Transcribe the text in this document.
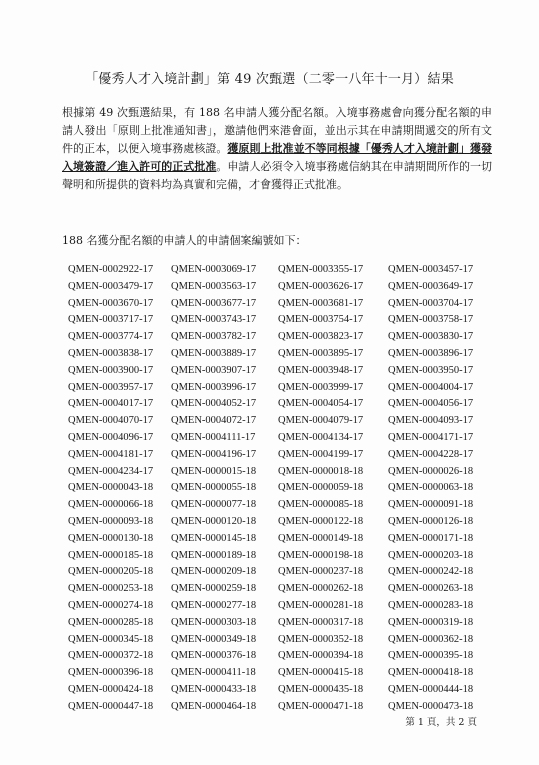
「優秀人才入境計劃」第 49 次甄選（二零一八年十一月）結果
根據第 49 次甄選結果，有 188 名申請人獲分配名額。入境事務處會向獲分配名額的申請人發出「原則上批准通知書」，邀請他們來港會面，並出示其在申請期間遞交的所有文件的正本，以便入境事務處核證。獲原則上批准並不等同根據「優秀人才入境計劃」獲發入境簽證／進入許可的正式批准。申請人必須令入境事務處信納其在申請期間所作的一切聲明和所提供的資料均為真實和完備，才會獲得正式批准。
188 名獲分配名額的申請人的申請個案編號如下：
QMEN-0002922-17	QMEN-0003069-17	QMEN-0003355-17	QMEN-0003457-17
QMEN-0003479-17	QMEN-0003563-17	QMEN-0003626-17	QMEN-0003649-17
QMEN-0003670-17	QMEN-0003677-17	QMEN-0003681-17	QMEN-0003704-17
QMEN-0003717-17	QMEN-0003743-17	QMEN-0003754-17	QMEN-0003758-17
QMEN-0003774-17	QMEN-0003782-17	QMEN-0003823-17	QMEN-0003830-17
QMEN-0003838-17	QMEN-0003889-17	QMEN-0003895-17	QMEN-0003896-17
QMEN-0003900-17	QMEN-0003907-17	QMEN-0003948-17	QMEN-0003950-17
QMEN-0003957-17	QMEN-0003996-17	QMEN-0003999-17	QMEN-0004004-17
QMEN-0004017-17	QMEN-0004052-17	QMEN-0004054-17	QMEN-0004056-17
QMEN-0004070-17	QMEN-0004072-17	QMEN-0004079-17	QMEN-0004093-17
QMEN-0004096-17	QMEN-0004111-17	QMEN-0004134-17	QMEN-0004171-17
QMEN-0004181-17	QMEN-0004196-17	QMEN-0004199-17	QMEN-0004228-17
QMEN-0004234-17	QMEN-0000015-18	QMEN-0000018-18	QMEN-0000026-18
QMEN-0000043-18	QMEN-0000055-18	QMEN-0000059-18	QMEN-0000063-18
QMEN-0000066-18	QMEN-0000077-18	QMEN-0000085-18	QMEN-0000091-18
QMEN-0000093-18	QMEN-0000120-18	QMEN-0000122-18	QMEN-0000126-18
QMEN-0000130-18	QMEN-0000145-18	QMEN-0000149-18	QMEN-0000171-18
QMEN-0000185-18	QMEN-0000189-18	QMEN-0000198-18	QMEN-0000203-18
QMEN-0000205-18	QMEN-0000209-18	QMEN-0000237-18	QMEN-0000242-18
QMEN-0000253-18	QMEN-0000259-18	QMEN-0000262-18	QMEN-0000263-18
QMEN-0000274-18	QMEN-0000277-18	QMEN-0000281-18	QMEN-0000283-18
QMEN-0000285-18	QMEN-0000303-18	QMEN-0000317-18	QMEN-0000319-18
QMEN-0000345-18	QMEN-0000349-18	QMEN-0000352-18	QMEN-0000362-18
QMEN-0000372-18	QMEN-0000376-18	QMEN-0000394-18	QMEN-0000395-18
QMEN-0000396-18	QMEN-0000411-18	QMEN-0000415-18	QMEN-0000418-18
QMEN-0000424-18	QMEN-0000433-18	QMEN-0000435-18	QMEN-0000444-18
QMEN-0000447-18	QMEN-0000464-18	QMEN-0000471-18	QMEN-0000473-18
第 1 頁，共 2 頁
